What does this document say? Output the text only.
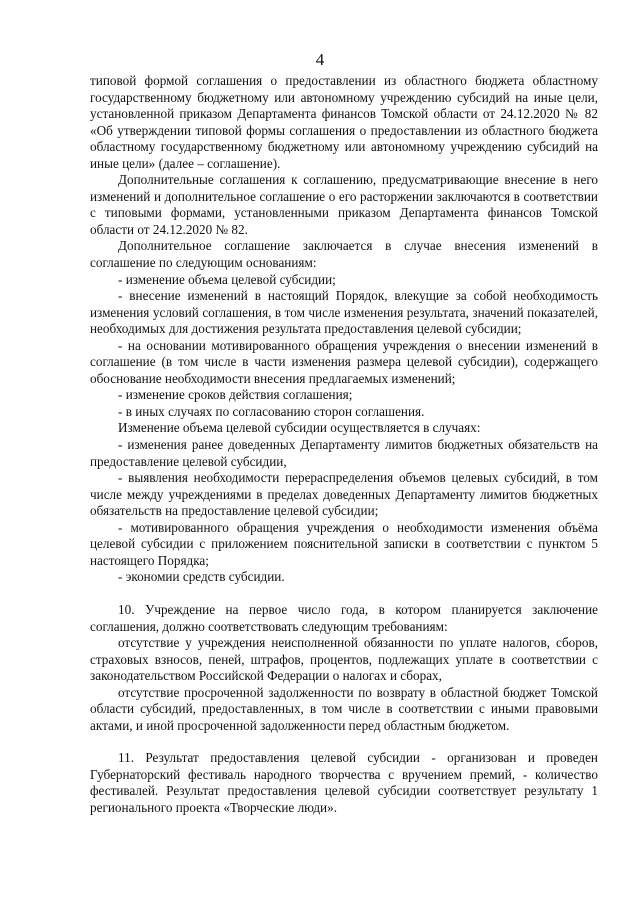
4

типовой формой соглашения о предоставлении из областного бюджета областному государственному бюджетному или автономному учреждению субсидий на иные цели, установленной приказом Департамента финансов Томской области от 24.12.2020 № 82 «Об утверждении типовой формы соглашения о предоставлении из областного бюджета областному государственному бюджетному или автономному учреждению субсидий на иные цели» (далее – соглашение).

Дополнительные соглашения к соглашению, предусматривающие внесение в него изменений и дополнительное соглашение о его расторжении заключаются в соответствии с типовыми формами, установленными приказом Департамента финансов Томской области от 24.12.2020 № 82.

Дополнительное соглашение заключается в случае внесения изменений в соглашение по следующим основаниям:

- изменение объема целевой субсидии;

- внесение изменений в настоящий Порядок, влекущие за собой необходимость изменения условий соглашения, в том числе изменения результата, значений показателей, необходимых для достижения результата предоставления целевой субсидии;

- на основании мотивированного обращения учреждения о внесении изменений в соглашение (в том числе в части изменения размера целевой субсидии), содержащего обоснование необходимости внесения предлагаемых изменений;

- изменение сроков действия соглашения;

- в иных случаях по согласованию сторон соглашения.

Изменение объема целевой субсидии осуществляется в случаях:

- изменения ранее доведенных Департаменту лимитов бюджетных обязательств на предоставление целевой субсидии,

- выявления необходимости перераспределения объемов целевых субсидий, в том числе между учреждениями в пределах доведенных Департаменту лимитов бюджетных обязательств на предоставление целевой субсидии;

- мотивированного обращения учреждения о необходимости изменения объёма целевой субсидии с приложением пояснительной записки в соответствии с пунктом 5 настоящего Порядка;

- экономии средств субсидии.

10. Учреждение на первое число года, в котором планируется заключение соглашения, должно соответствовать следующим требованиям:

отсутствие у учреждения неисполненной обязанности по уплате налогов, сборов, страховых взносов, пеней, штрафов, процентов, подлежащих уплате в соответствии с законодательством Российской Федерации о налогах и сборах,

отсутствие просроченной задолженности по возврату в областной бюджет Томской области субсидий, предоставленных, в том числе в соответствии с иными правовыми актами, и иной просроченной задолженности перед областным бюджетом.

11. Результат предоставления целевой субсидии - организован и проведен Губернаторский фестиваль народного творчества с вручением премий, - количество фестивалей. Результат предоставления целевой субсидии соответствует результату 1 регионального проекта «Творческие люди».
